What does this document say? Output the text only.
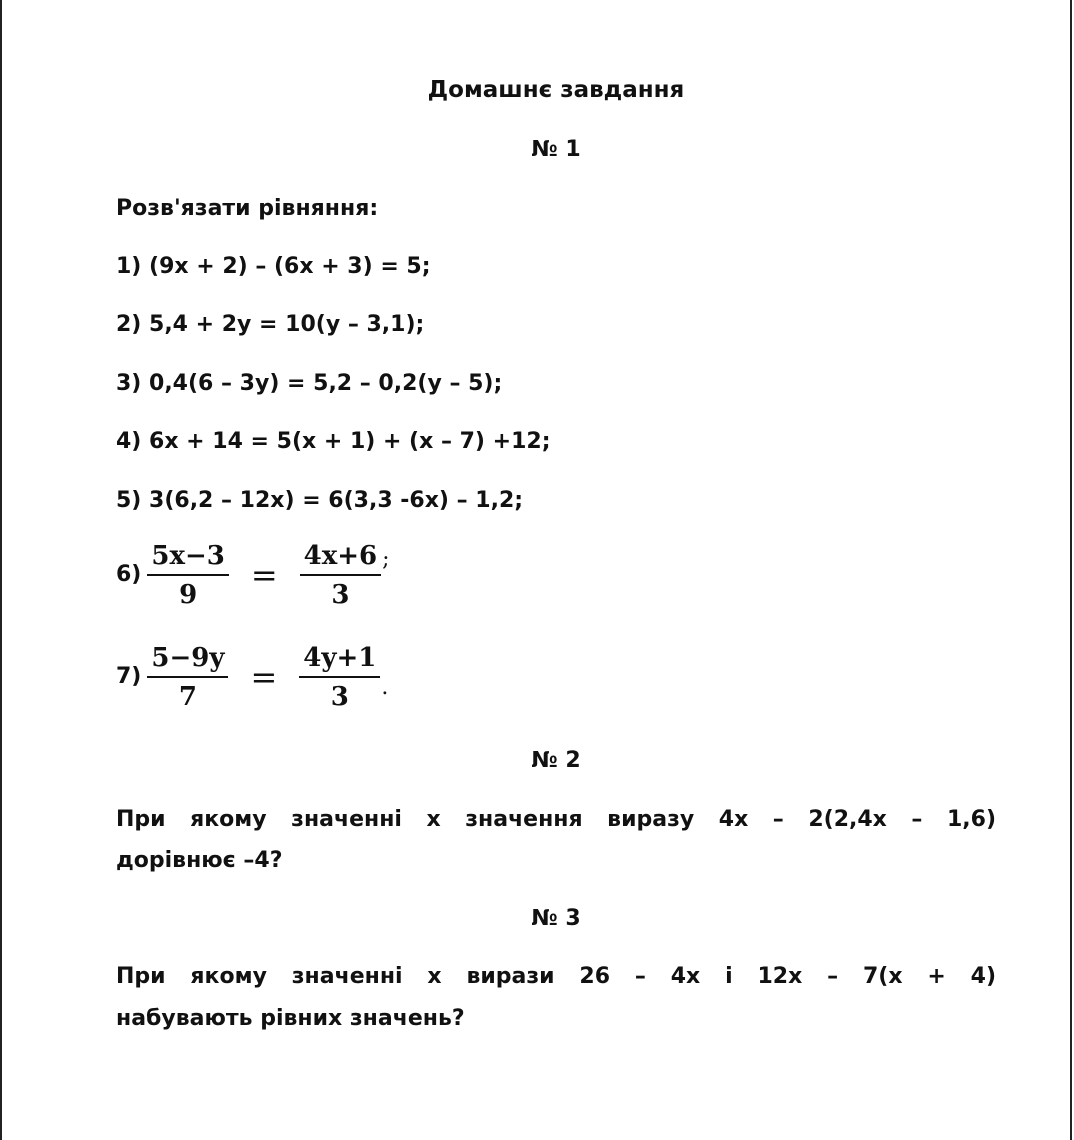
Домашнє завдання
№ 1
Розв'язати рівняння:
1) (9x + 2) – (6x + 3) = 5;
2) 5,4 + 2y = 10(y – 3,1);
3) 0,4(6 – 3y) = 5,2 – 0,2(y – 5);
4) 6x + 14 = 5(x + 1) + (x – 7) +12;
5) 3(6,2 – 12x) = 6(3,3 -6x) – 1,2;
$6) \frac{5x-3}{9} = \frac{4x+6}{3}$ ;
$7) \frac{5-9y}{7} = \frac{4y+1}{3}$ .
№ 2
При якому значенні х значення виразу 4х – 2(2,4х – 1,6)
дорівнює –4?
№ 3
При якому значенні х вирази 26 – 4х і 12х – 7(х + 4)
набувають рівних значень?
